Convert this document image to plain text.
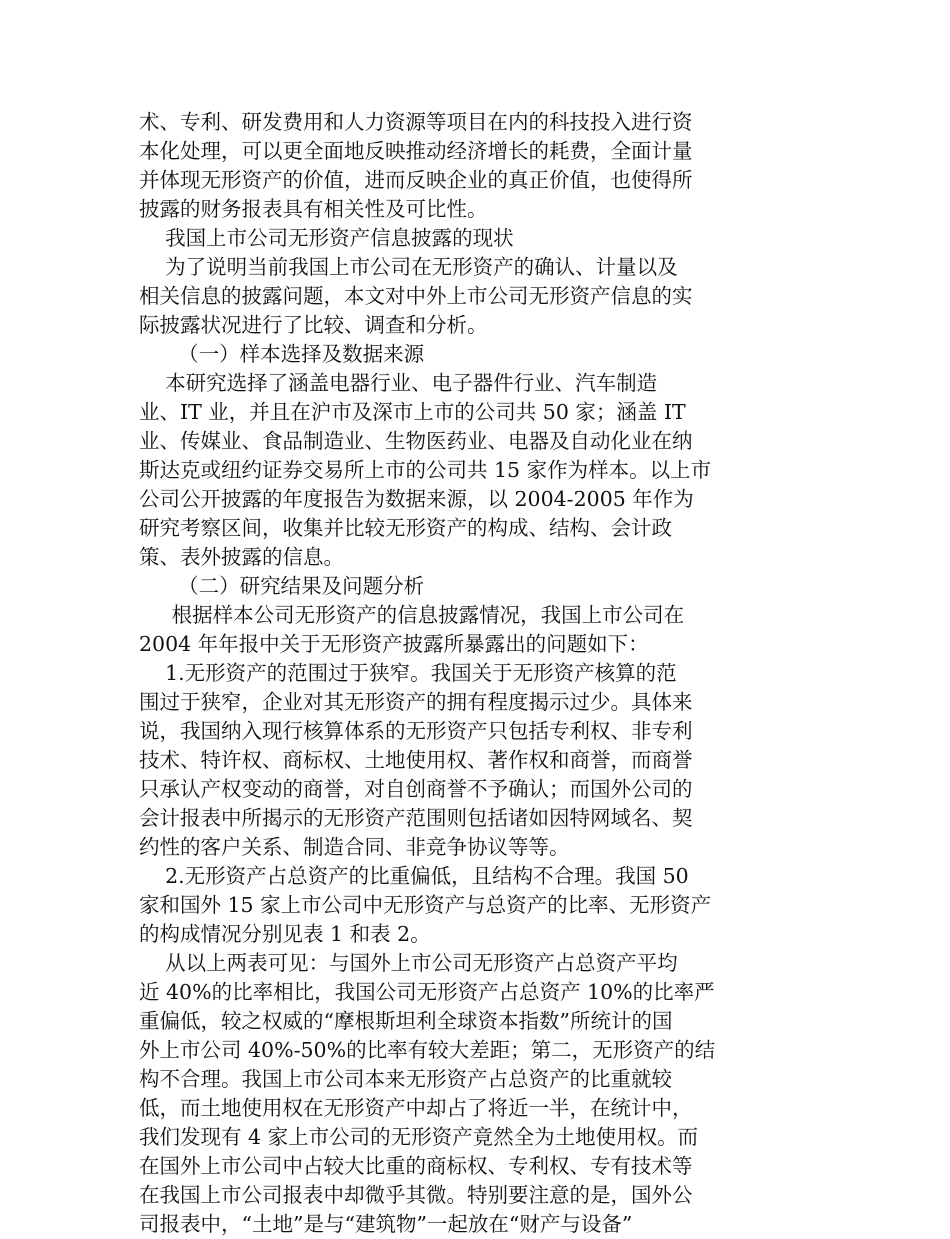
术、专利、研发费用和人力资源等项目在内的科技投入进行资
本化处理，可以更全面地反映推动经济增长的耗费，全面计量
并体现无形资产的价值，进而反映企业的真正价值，也使得所
披露的财务报表具有相关性及可比性。
我国上市公司无形资产信息披露的现状
为了说明当前我国上市公司在无形资产的确认、计量以及
相关信息的披露问题，本文对中外上市公司无形资产信息的实
际披露状况进行了比较、调查和分析。
（一）样本选择及数据来源
本研究选择了涵盖电器行业、电子器件行业、汽车制造
业、IT 业，并且在沪市及深市上市的公司共 50 家；涵盖 IT
业、传媒业、食品制造业、生物医药业、电器及自动化业在纳
斯达克或纽约证券交易所上市的公司共 15 家作为样本。以上市
公司公开披露的年度报告为数据来源，以 2004-2005 年作为
研究考察区间，收集并比较无形资产的构成、结构、会计政
策、表外披露的信息。
（二）研究结果及问题分析
根据样本公司无形资产的信息披露情况，我国上市公司在
2004 年年报中关于无形资产披露所暴露出的问题如下：
1.无形资产的范围过于狭窄。我国关于无形资产核算的范
围过于狭窄，企业对其无形资产的拥有程度揭示过少。具体来
说，我国纳入现行核算体系的无形资产只包括专利权、非专利
技术、特许权、商标权、土地使用权、著作权和商誉，而商誉
只承认产权变动的商誉，对自创商誉不予确认；而国外公司的
会计报表中所揭示的无形资产范围则包括诸如因特网域名、契
约性的客户关系、制造合同、非竞争协议等等。
2.无形资产占总资产的比重偏低，且结构不合理。我国 50
家和国外 15 家上市公司中无形资产与总资产的比率、无形资产
的构成情况分别见表 1 和表 2。
从以上两表可见：与国外上市公司无形资产占总资产平均
近 40%的比率相比，我国公司无形资产占总资产 10%的比率严
重偏低，较之权威的“摩根斯坦利全球资本指数”所统计的国
外上市公司 40%-50%的比率有较大差距；第二，无形资产的结
构不合理。我国上市公司本来无形资产占总资产的比重就较
低，而土地使用权在无形资产中却占了将近一半，在统计中，
我们发现有 4 家上市公司的无形资产竟然全为土地使用权。而
在国外上市公司中占较大比重的商标权、专利权、专有技术等
在我国上市公司报表中却微乎其微。特别要注意的是，国外公
司报表中，“土地”是与“建筑物”一起放在“财产与设备”
